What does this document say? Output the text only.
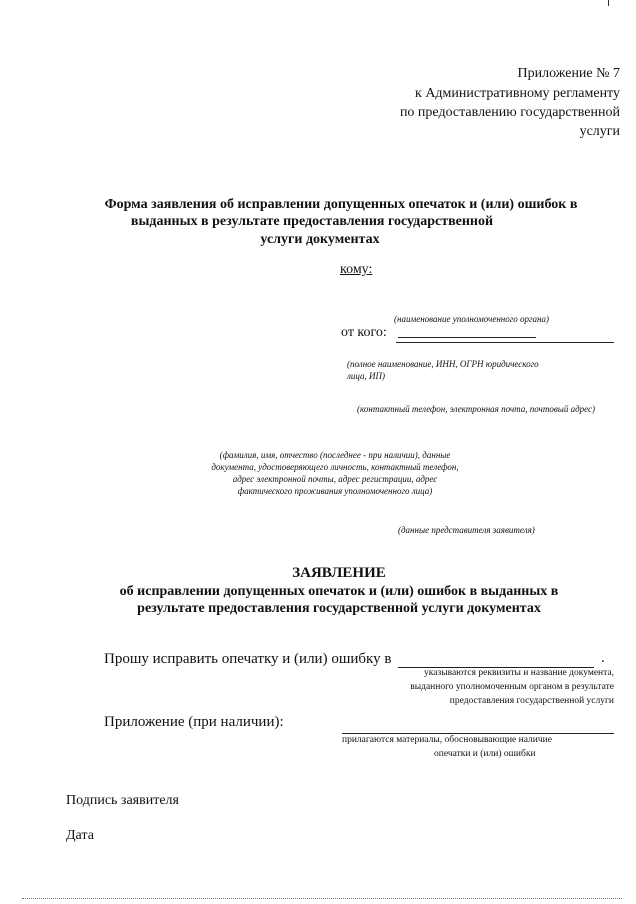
Приложение № 7
к Административному регламенту
по предоставлению государственной
услуги
Форма заявления об исправлении допущенных опечаток и (или) ошибок в
выданных в результате предоставления государственной
услуги документах
кому:
(наименование уполномоченного органа)
от кого:
(полное наименование, ИНН, ОГРН юридического
лица, ИП)
(контактный телефон, электронная почта, почтовый адрес)
(фамилия, имя, отчество (последнее - при наличии), данные
документа, удостоверяющего личность, контактный телефон,
адрес электронной почты, адрес регистрации, адрес
фактического проживания уполномоченного лица)
(данные представителя заявителя)
ЗАЯВЛЕНИЕ
об исправлении допущенных опечаток и (или) ошибок в выданных в
результате предоставления государственной услуги документах
Прошу исправить опечатку и (или) ошибку в	.
указываются реквизиты и название документа,
выданного уполномоченным органом в результате
предоставления государственной услуги
Приложение (при наличии):
прилагаются материалы, обосновывающие наличие
опечатки и (или) ошибки
Подпись заявителя
Дата
